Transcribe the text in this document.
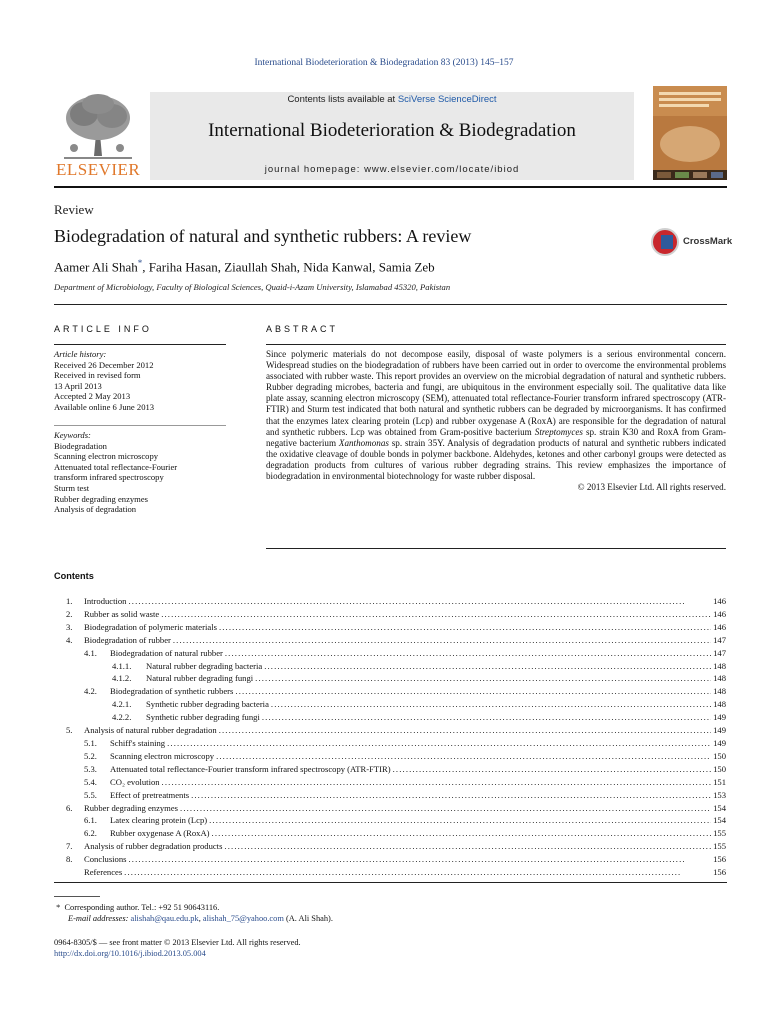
International Biodeterioration & Biodegradation 83 (2013) 145–157
ELSEVIER
Contents lists available at SciVerse ScienceDirect
International Biodeterioration & Biodegradation
journal homepage: www.elsevier.com/locate/ibiod
Review
Biodegradation of natural and synthetic rubbers: A review
Aamer Ali Shah*, Fariha Hasan, Ziaullah Shah, Nida Kanwal, Samia Zeb
Department of Microbiology, Faculty of Biological Sciences, Quaid-i-Azam University, Islamabad 45320, Pakistan
CrossMark
ARTICLE INFO
Article history:
Received 26 December 2012
Received in revised form
13 April 2013
Accepted 2 May 2013
Available online 6 June 2013
Keywords:
Biodegradation
Scanning electron microscopy
Attenuated total reflectance-Fourier
transform infrared spectroscopy
Sturm test
Rubber degrading enzymes
Analysis of degradation
ABSTRACT
Since polymeric materials do not decompose easily, disposal of waste polymers is a serious environmental concern. Widespread studies on the biodegradation of rubbers have been carried out in order to overcome the environmental problems associated with rubber waste. This report provides an overview on the microbial degradation of natural and synthetic rubbers. Rubber degrading microbes, bacteria and fungi, are ubiquitous in the environment especially soil. The qualitative data like plate assay, scanning electron microscopy (SEM), attenuated total reflectance-Fourier transform infrared spectroscopy (ATR-FTIR) and Sturm test indicated that both natural and synthetic rubbers can be degraded by microorganisms. It has confirmed that the enzymes latex clearing protein (Lcp) and rubber oxygenase A (RoxA) are responsible for the degradation of natural and synthetic rubbers. Lcp was obtained from Gram-positive bacterium Streptomyces sp. strain K30 and RoxA from Gram-negative bacterium Xanthomonas sp. strain 35Y. Analysis of degradation products of natural and synthetic rubbers indicated the oxidative cleavage of double bonds in polymer backbone. Aldehydes, ketones and other carbonyl groups were detected as degradation products from cultures of various rubber degrading strains. This review emphasizes the importance of biodegradation in environmental biotechnology for waste rubber disposal.
© 2013 Elsevier Ltd. All rights reserved.
Contents
1.	Introduction . . .	146
2.	Rubber as solid waste . . .	146
3.	Biodegradation of polymeric materials . . .	146
4.	Biodegradation of rubber . . .	147
4.1.	Biodegradation of natural rubber . . .	147
4.1.1.	Natural rubber degrading bacteria . . .	148
4.1.2.	Natural rubber degrading fungi . . .	148
4.2.	Biodegradation of synthetic rubbers . . .	148
4.2.1.	Synthetic rubber degrading bacteria . . .	148
4.2.2.	Synthetic rubber degrading fungi . . .	149
5.	Analysis of natural rubber degradation . . .	149
5.1.	Schiff's staining . . .	149
5.2.	Scanning electron microscopy . . .	150
5.3.	Attenuated total reflectance-Fourier transform infrared spectroscopy (ATR-FTIR) . . .	150
5.4.	CO₂ evolution . . .	151
5.5.	Effect of pretreatments . . .	153
6.	Rubber degrading enzymes . . .	154
6.1.	Latex clearing protein (Lcp) . . .	154
6.2.	Rubber oxygenase A (RoxA) . . .	155
7.	Analysis of rubber degradation products . . .	155
8.	Conclusions . . .	156
References . . .	156
* Corresponding author. Tel.: +92 51 90643116.
E-mail addresses: alishah@qau.edu.pk, alishah_75@yahoo.com (A. Ali Shah).
0964-8305/$ — see front matter © 2013 Elsevier Ltd. All rights reserved.
http://dx.doi.org/10.1016/j.ibiod.2013.05.004
